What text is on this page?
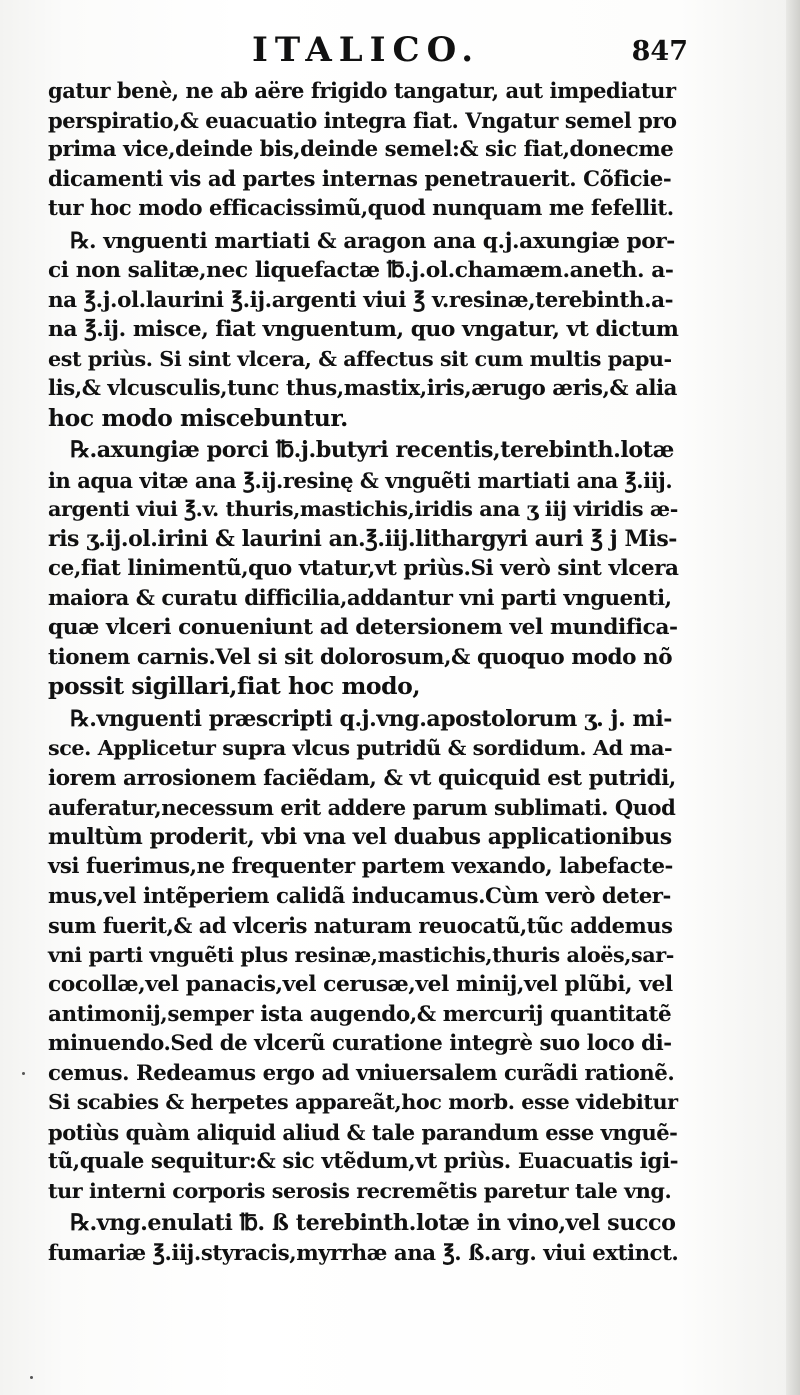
ITALICO.	847
gatur benè, ne ab aëre frigido tangatur, aut impediatur
perspiratio,& euacuatio integra fiat. Vngatur semel pro
prima vice,deinde bis,deinde semel:& sic fiat,donecme
dicamenti vis ad partes internas penetrauerit. Cõficie-
tur hoc modo efficacissimũ,quod nunquam me fefellit.
℞. vnguenti martiati & aragon ana q.j.axungiæ por-
ci non salitæ,nec liquefactæ ℔.j.ol.chamæm.aneth. a-
na ℥.j.ol.laurini ℥.ij.argenti viui ℥ v.resinæ,terebinth.a-
na ℥.ij. misce, fiat vnguentum, quo vngatur, vt dictum
est priùs. Si sint vlcera, & affectus sit cum multis papu-
lis,& vlcusculis,tunc thus,mastix,iris,ærugo æris,& alia
hoc modo miscebuntur.
℞.axungiæ porci ℔.j.butyri recentis,terebinth.lotæ
in aqua vitæ ana ℥.ij.resinę & vnguẽti martiati ana ℥.iij.
argenti viui ℥.v. thuris,mastichis,iridis ana ʒ iij viridis æ-
ris ʒ.ij.ol.irini & laurini an.℥.iij.lithargyri auri ℥ j Mis-
ce,fiat linimentũ,quo vtatur,vt priùs.Si verò sint vlcera
maiora & curatu difficilia,addantur vni parti vnguenti,
quæ vlceri conueniunt ad detersionem vel mundifica-
tionem carnis.Vel si sit dolorosum,& quoquo modo nõ
possit sigillari,fiat hoc modo,
℞.vnguenti præscripti q.j.vng.apostolorum ʒ. j. mi-
sce. Applicetur supra vlcus putridũ & sordidum. Ad ma-
iorem arrosionem faciẽdam, & vt quicquid est putridi,
auferatur,necessum erit addere parum sublimati. Quod
multùm proderit, vbi vna vel duabus applicationibus
vsi fuerimus,ne frequenter partem vexando, labefacte-
mus,vel intẽperiem calidã inducamus.Cùm verò deter-
sum fuerit,& ad vlceris naturam reuocatũ,tũc addemus
vni parti vnguẽti plus resinæ,mastichis,thuris aloës,sar-
cocollæ,vel panacis,vel cerusæ,vel minij,vel plũbi, vel
antimonij,semper ista augendo,& mercurij quantitatẽ
minuendo.Sed de vlcerũ curatione integrè suo loco di-
cemus. Redeamus ergo ad vniuersalem curãdi rationẽ.
Si scabies & herpetes appareãt,hoc morb. esse videbitur
potiùs quàm aliquid aliud & tale parandum esse vnguẽ-
tũ,quale sequitur:& sic vtẽdum,vt priùs. Euacuatis igi-
tur interni corporis serosis recremẽtis paretur tale vng.
℞.vng.enulati ℔. ß terebinth.lotæ in vino,vel succo
fumariæ ℥.iij.styracis,myrrhæ ana ℥. ß.arg. viui extinct.
